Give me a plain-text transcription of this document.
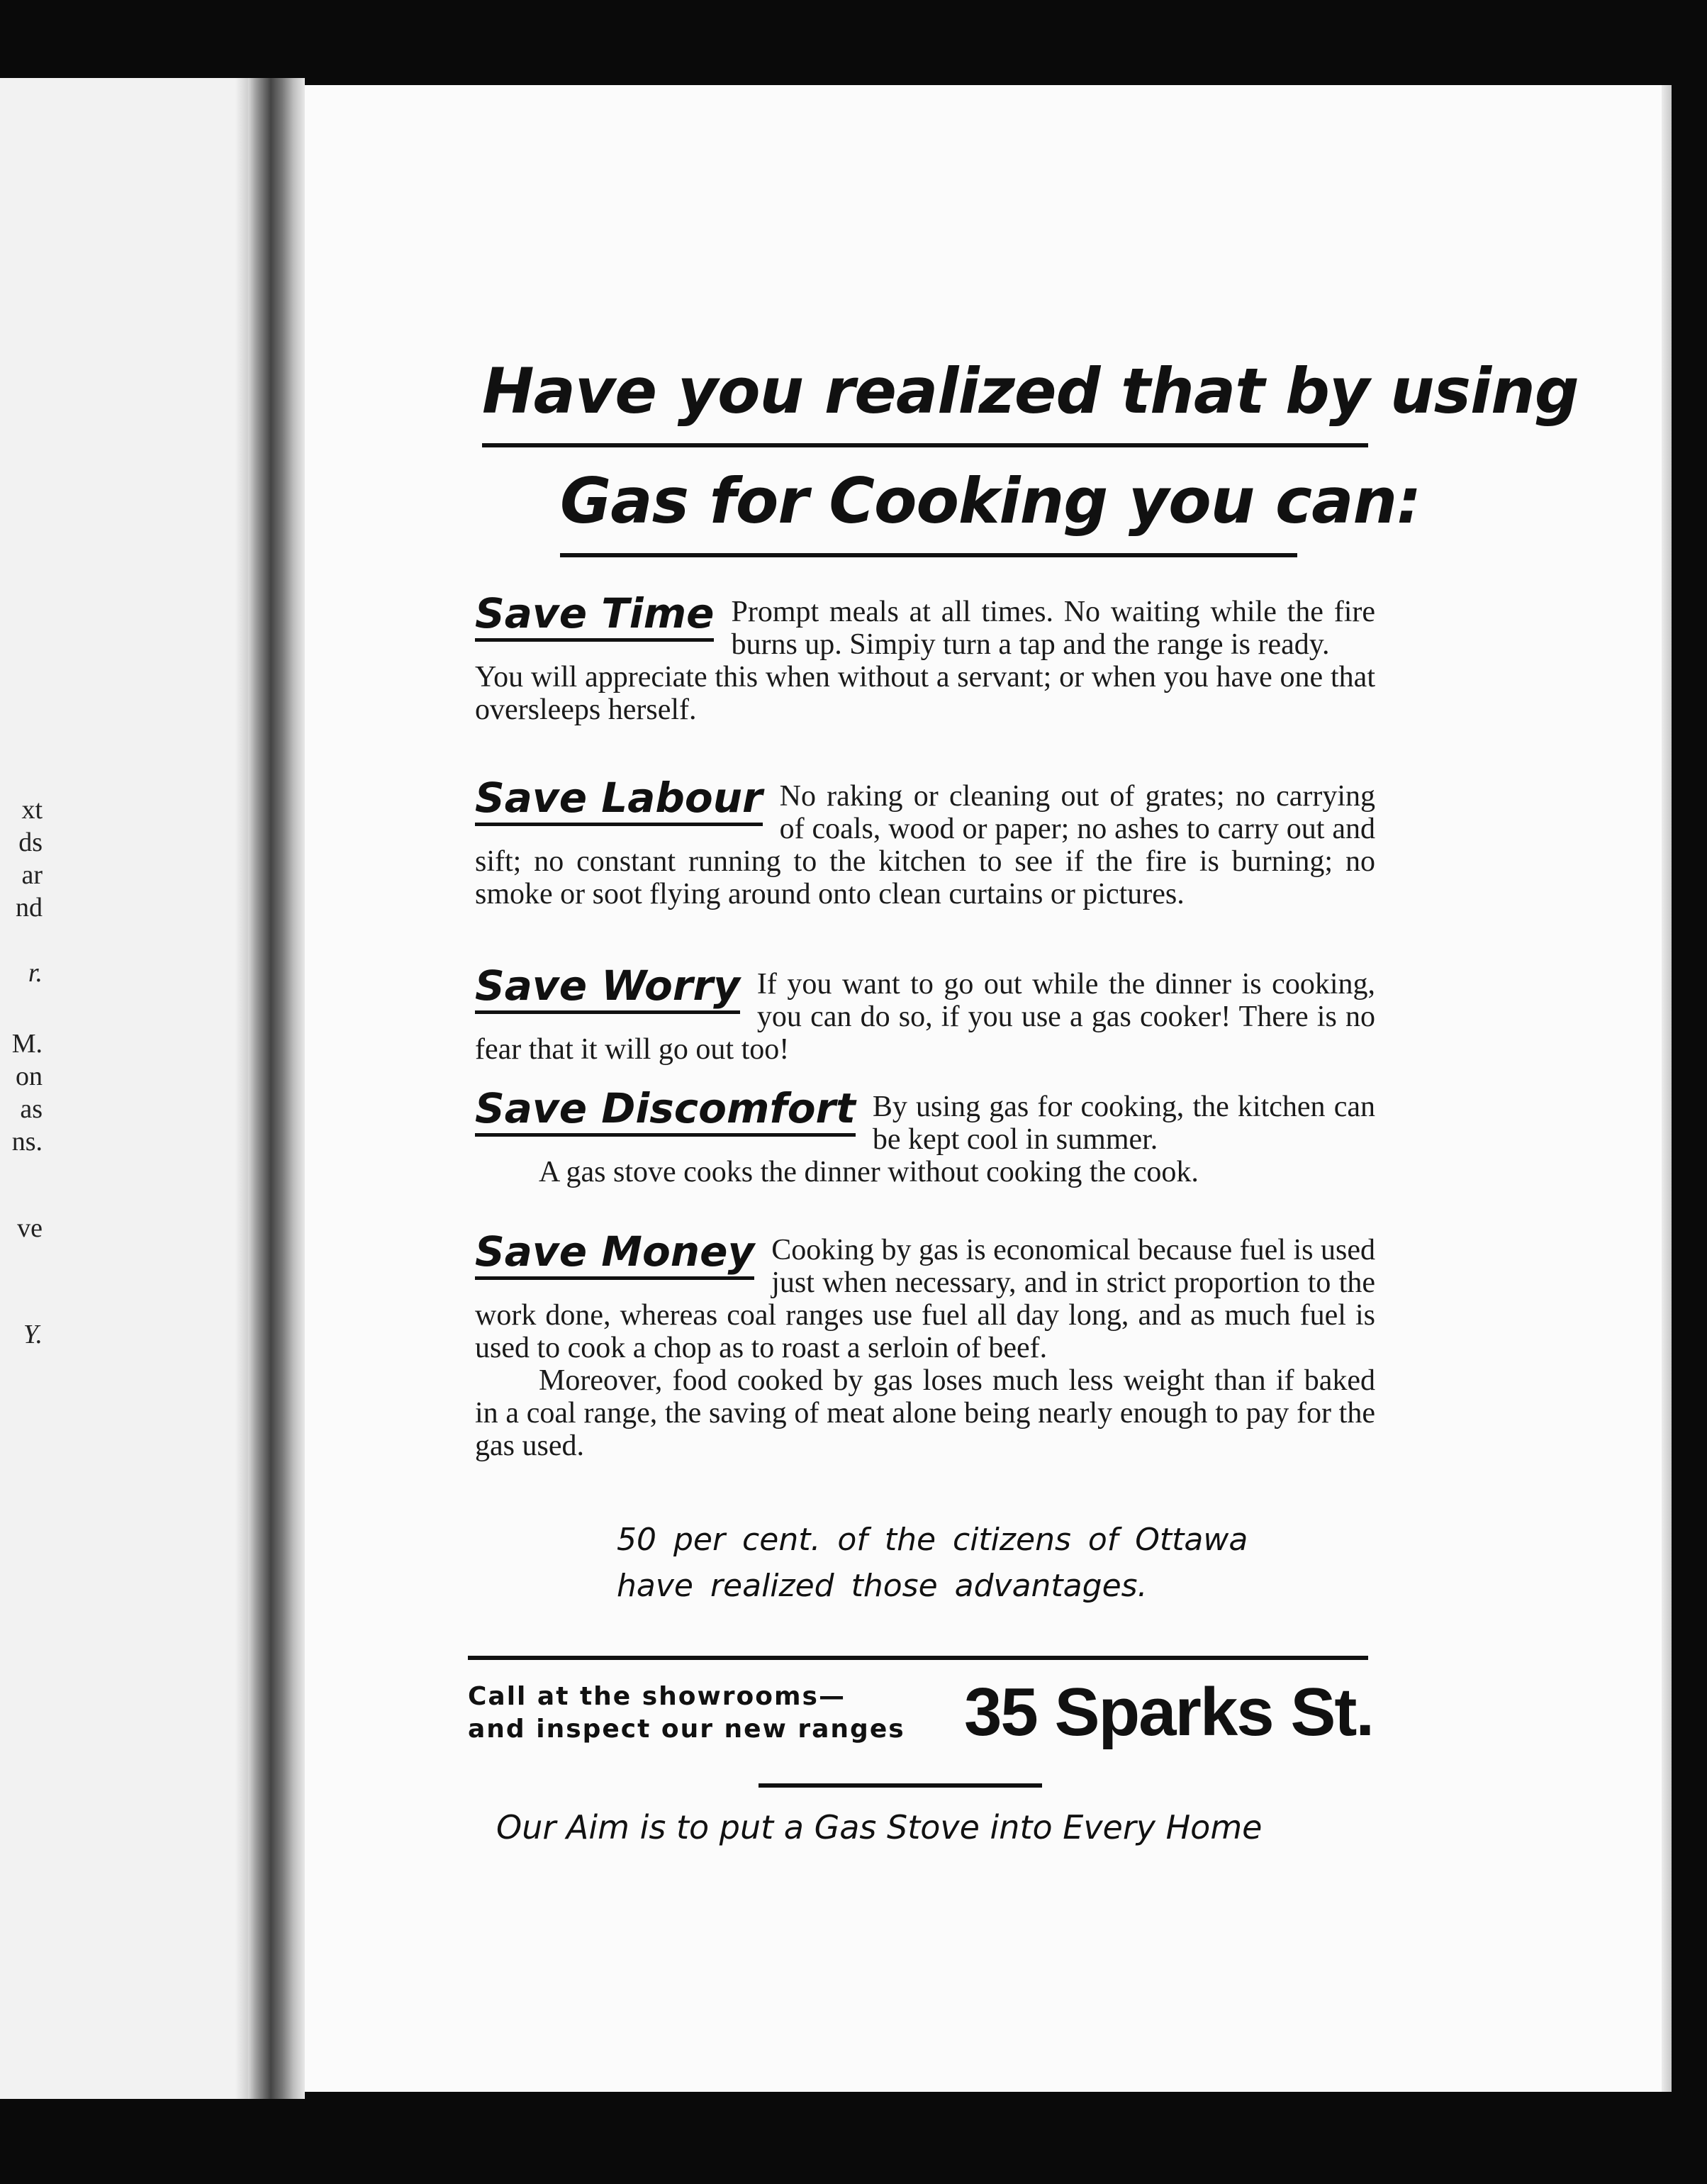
xt
ds
ar
nd
r.
M.
on
as
ns.
ve
Y.
Have you realized that by using
Gas for Cooking you can:
Save Time Prompt meals at all times. No waiting while the fire burns up. Simpiy turn a tap and the range is ready.

You will appreciate this when without a servant; or when you have one that oversleeps herself.

Save Labour No raking or cleaning out of grates; no carrying of coals, wood or paper; no ashes to carry out and sift; no constant running to the kitchen to see if the fire is burning; no smoke or soot flying around onto clean curtains or pictures.

Save Worry If you want to go out while the dinner is cooking, you can do so, if you use a gas cooker! There is no fear that it will go out too!

Save Discomfort By using gas for cooking, the kitchen can be kept cool in summer.

A gas stove cooks the dinner without cooking the cook.

Save Money Cooking by gas is economical because fuel is used just when necessary, and in strict proportion to the work done, whereas coal ranges use fuel all day long, and as much fuel is used to cook a chop as to roast a serloin of beef.

Moreover, food cooked by gas loses much less weight than if baked in a coal range, the saving of meat alone being nearly enough to pay for the gas used.

50 per cent. of the citizens of Ottawa
have realized those advantages.
Call at the showrooms—
and inspect our new ranges 35 Sparks St.
Our Aim is to put a Gas Stove into Every Home
